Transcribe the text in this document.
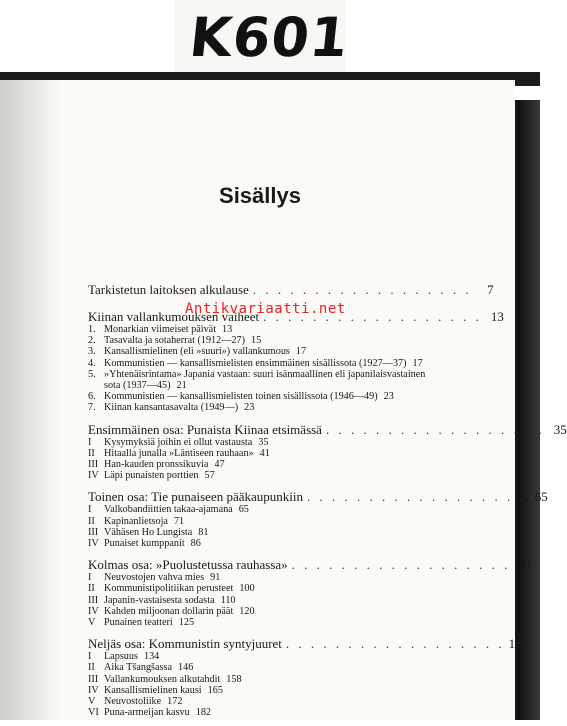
K601
Sisällys
Tarkistetun laitoksen alkulause . . . . . . . . . . . . . . . . . .	7
Kiinan vallankumouksen vaiheet . . . . . . . . . . . . . . . . . . 13
1. Monarkian viimeiset päivät 13
2. Tasavalta ja sotaherrat (1912—27) 15
3. Kansallismielinen (eli »suuri») vallankumous 17
4. Kommunistien — kansallismielisten ensimmäinen sisällissota (1927—37) 17
5. »Yhtenäisrintama» Japania vastaan: suuri isänmaallinen eli japanilaisvastainen sota (1937—45) 21
6. Kommunistien — kansallismielisten toinen sisällissota (1946—49) 23
7. Kiinan kansantasavalta (1949—) 23
Ensimmäinen osa: Punaista Kiinaa etsimässä . . . . . . . . . . . . . . . . . . 35
I Kysymyksiä joihin ei ollut vastausta 35
II Hitaalla junalla »Läntiseen rauhaan» 41
III Han-kauden pronssikuvia 47
IV Läpi punaisten porttien 57
Toinen osa: Tie punaiseen pääkaupunkiin . . . . . . . . . . . . . . . . . . 65
I Valkobandiittien takaa-ajamana 65
II Kapinanlietsoja 71
III Vähäsen Ho Lungista 81
IV Punaiset kumppanit 86
Kolmas osa: »Puolustetussa rauhassa» . . . . . . . . . . . . . . . . . . 91
I Neuvostojen vahva mies 91
II Kommunistipolitiikan perusteet 100
III Japanin-vastaisesta sodasta 110
IV Kahden miljoonan dollarin päät 120
V Punainen teatteri 125
Neljäs osa: Kommunistin syntyjuuret . . . . . . . . . . . . . . . . . . 134
I Lapsuus 134
II Aika Tšangšassa 146
III Vallankumouksen alkutahdit 158
IV Kansallismielinen kausi 165
V Neuvostoliike 172
VI Puna-armeijan kasvu 182
Antikvariaatti.net
